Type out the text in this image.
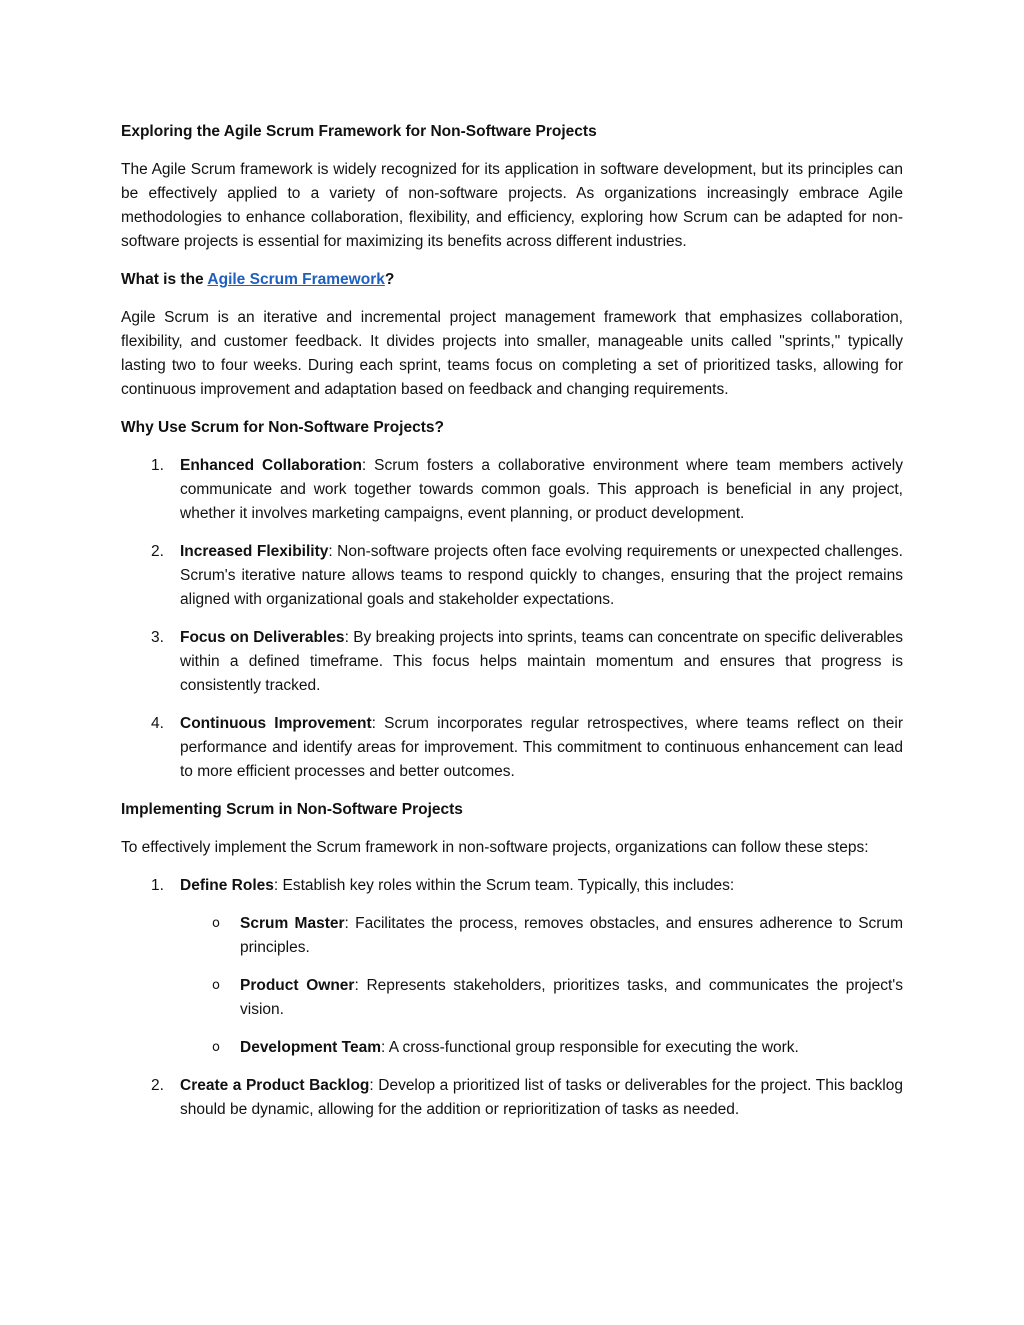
Exploring the Agile Scrum Framework for Non-Software Projects

The Agile Scrum framework is widely recognized for its application in software development, but its principles can be effectively applied to a variety of non-software projects. As organizations increasingly embrace Agile methodologies to enhance collaboration, flexibility, and efficiency, exploring how Scrum can be adapted for non-software projects is essential for maximizing its benefits across different industries.

What is the Agile Scrum Framework?

Agile Scrum is an iterative and incremental project management framework that emphasizes collaboration, flexibility, and customer feedback. It divides projects into smaller, manageable units called "sprints," typically lasting two to four weeks. During each sprint, teams focus on completing a set of prioritized tasks, allowing for continuous improvement and adaptation based on feedback and changing requirements.

Why Use Scrum for Non-Software Projects?
1. Enhanced Collaboration: Scrum fosters a collaborative environment where team members actively communicate and work together towards common goals. This approach is beneficial in any project, whether it involves marketing campaigns, event planning, or product development.
2. Increased Flexibility: Non-software projects often face evolving requirements or unexpected challenges. Scrum's iterative nature allows teams to respond quickly to changes, ensuring that the project remains aligned with organizational goals and stakeholder expectations.
3. Focus on Deliverables: By breaking projects into sprints, teams can concentrate on specific deliverables within a defined timeframe. This focus helps maintain momentum and ensures that progress is consistently tracked.
4. Continuous Improvement: Scrum incorporates regular retrospectives, where teams reflect on their performance and identify areas for improvement. This commitment to continuous enhancement can lead to more efficient processes and better outcomes.
Implementing Scrum in Non-Software Projects

To effectively implement the Scrum framework in non-software projects, organizations can follow these steps:

1. Define Roles: Establish key roles within the Scrum team. Typically, this includes:
o Scrum Master: Facilitates the process, removes obstacles, and ensures adherence to Scrum principles.
o Product Owner: Represents stakeholders, prioritizes tasks, and communicates the project's vision.
o Development Team: A cross-functional group responsible for executing the work.
2. Create a Product Backlog: Develop a prioritized list of tasks or deliverables for the project. This backlog should be dynamic, allowing for the addition or reprioritization of tasks as needed.
